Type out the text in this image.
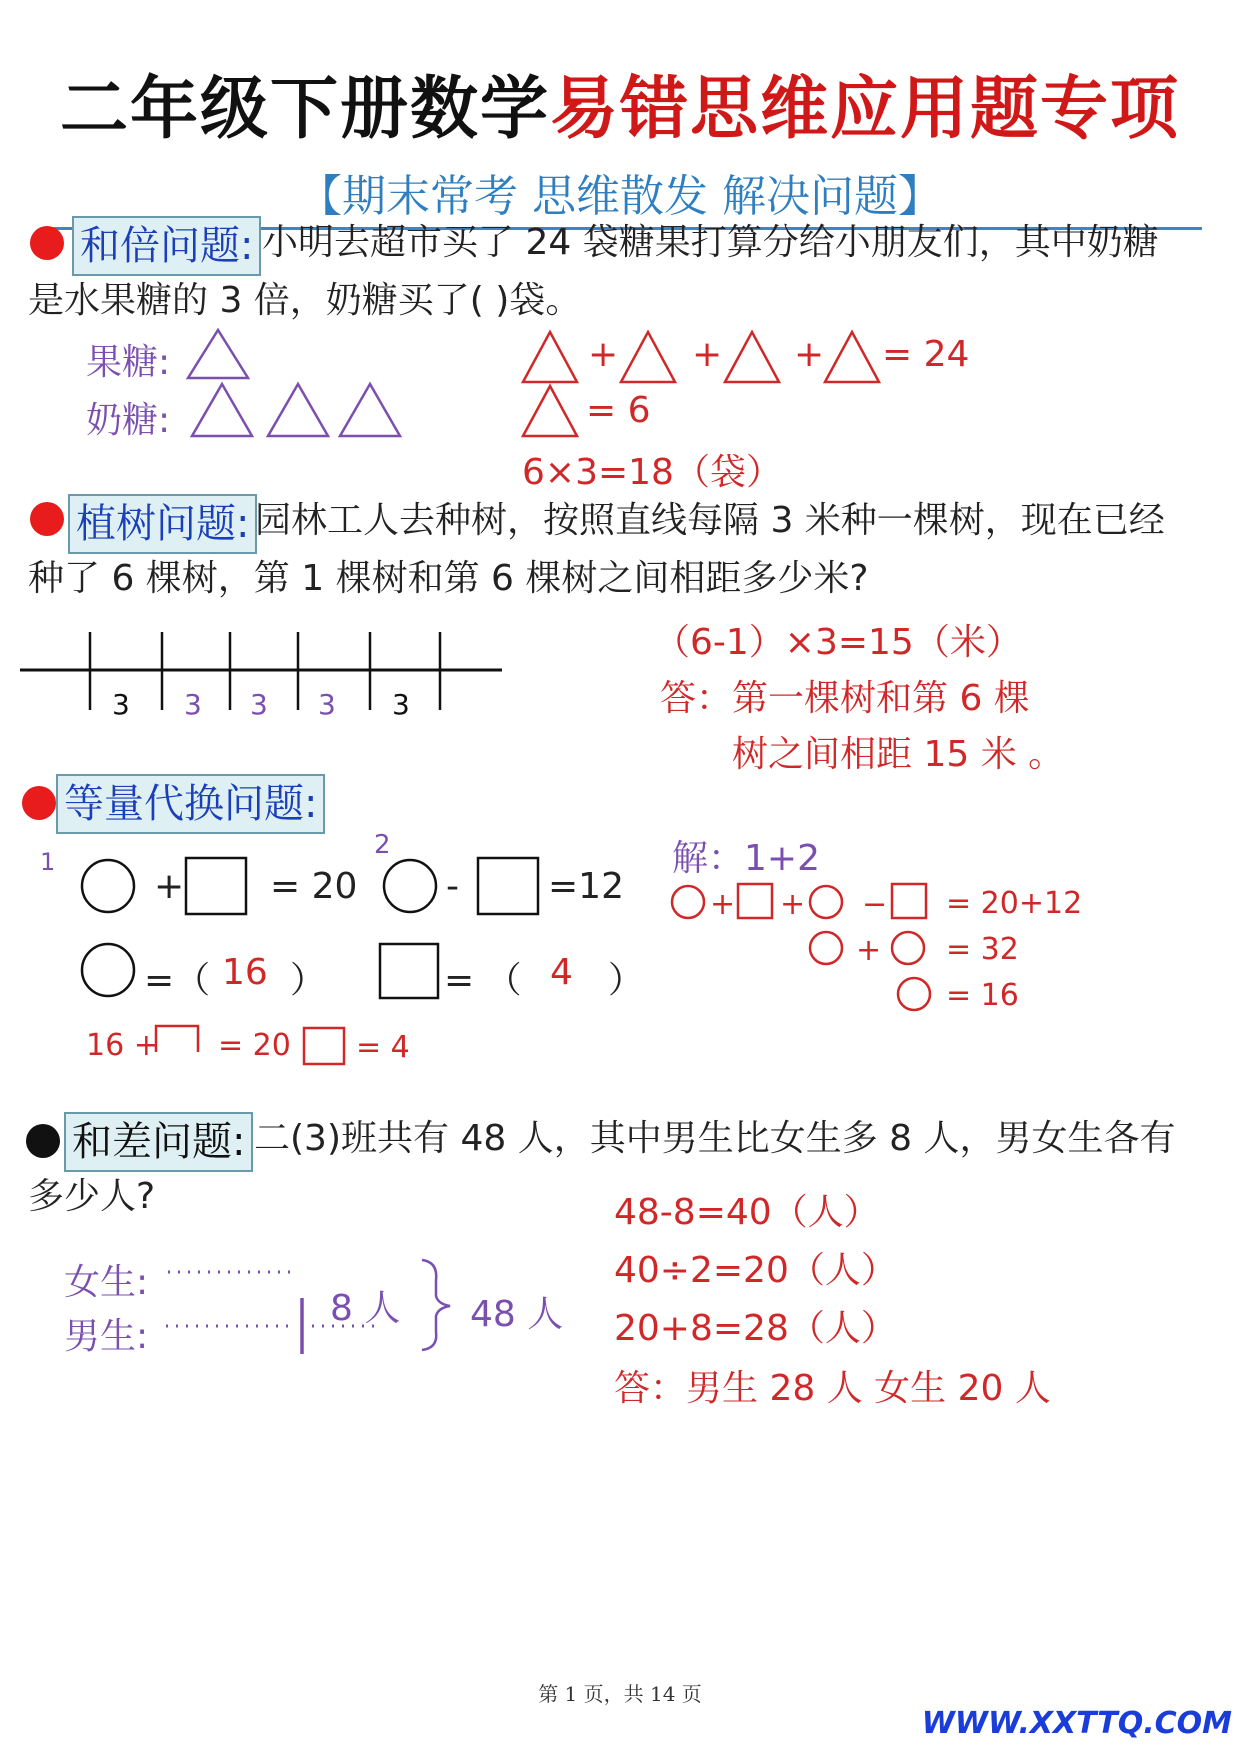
二年级下册数学易错思维应用题专项
【期末常考 思维散发 解决问题】
和倍问题: 小明去超市买了 24 袋糖果打算分给小朋友们，其中奶糖
是水果糖的 3 倍，奶糖买了( )袋。
果糖:
奶糖:
+ + + = 24
= 6
6×3=18（袋）
植树问题: 园林工人去种树，按照直线每隔 3 米种一棵树，现在已经
种了 6 棵树，第 1 棵树和第 6 棵树之间相距多少米?
3 3 3 3 3
（6-1）×3=15（米）
答：第一棵树和第 6 棵
树之间相距 15 米 。
等量代换问题:
1
2
+ = 20 - =12
=（ 16 ）	= （ 4 ）
16 + = 20 = 4
解：1+2
+ + −
+
= 20+12
= 32
= 16
和差问题: 二(3)班共有 48 人，其中男生比女生多 8 人，男女生各有
多少人?
女生:
男生:
8 人 48 人
48-8=40（人）
40÷2=20（人）
20+8=28（人）
答：男生 28 人 女生 20 人
第 1 页，共 14 页
WWW.XXTTQ.COM
